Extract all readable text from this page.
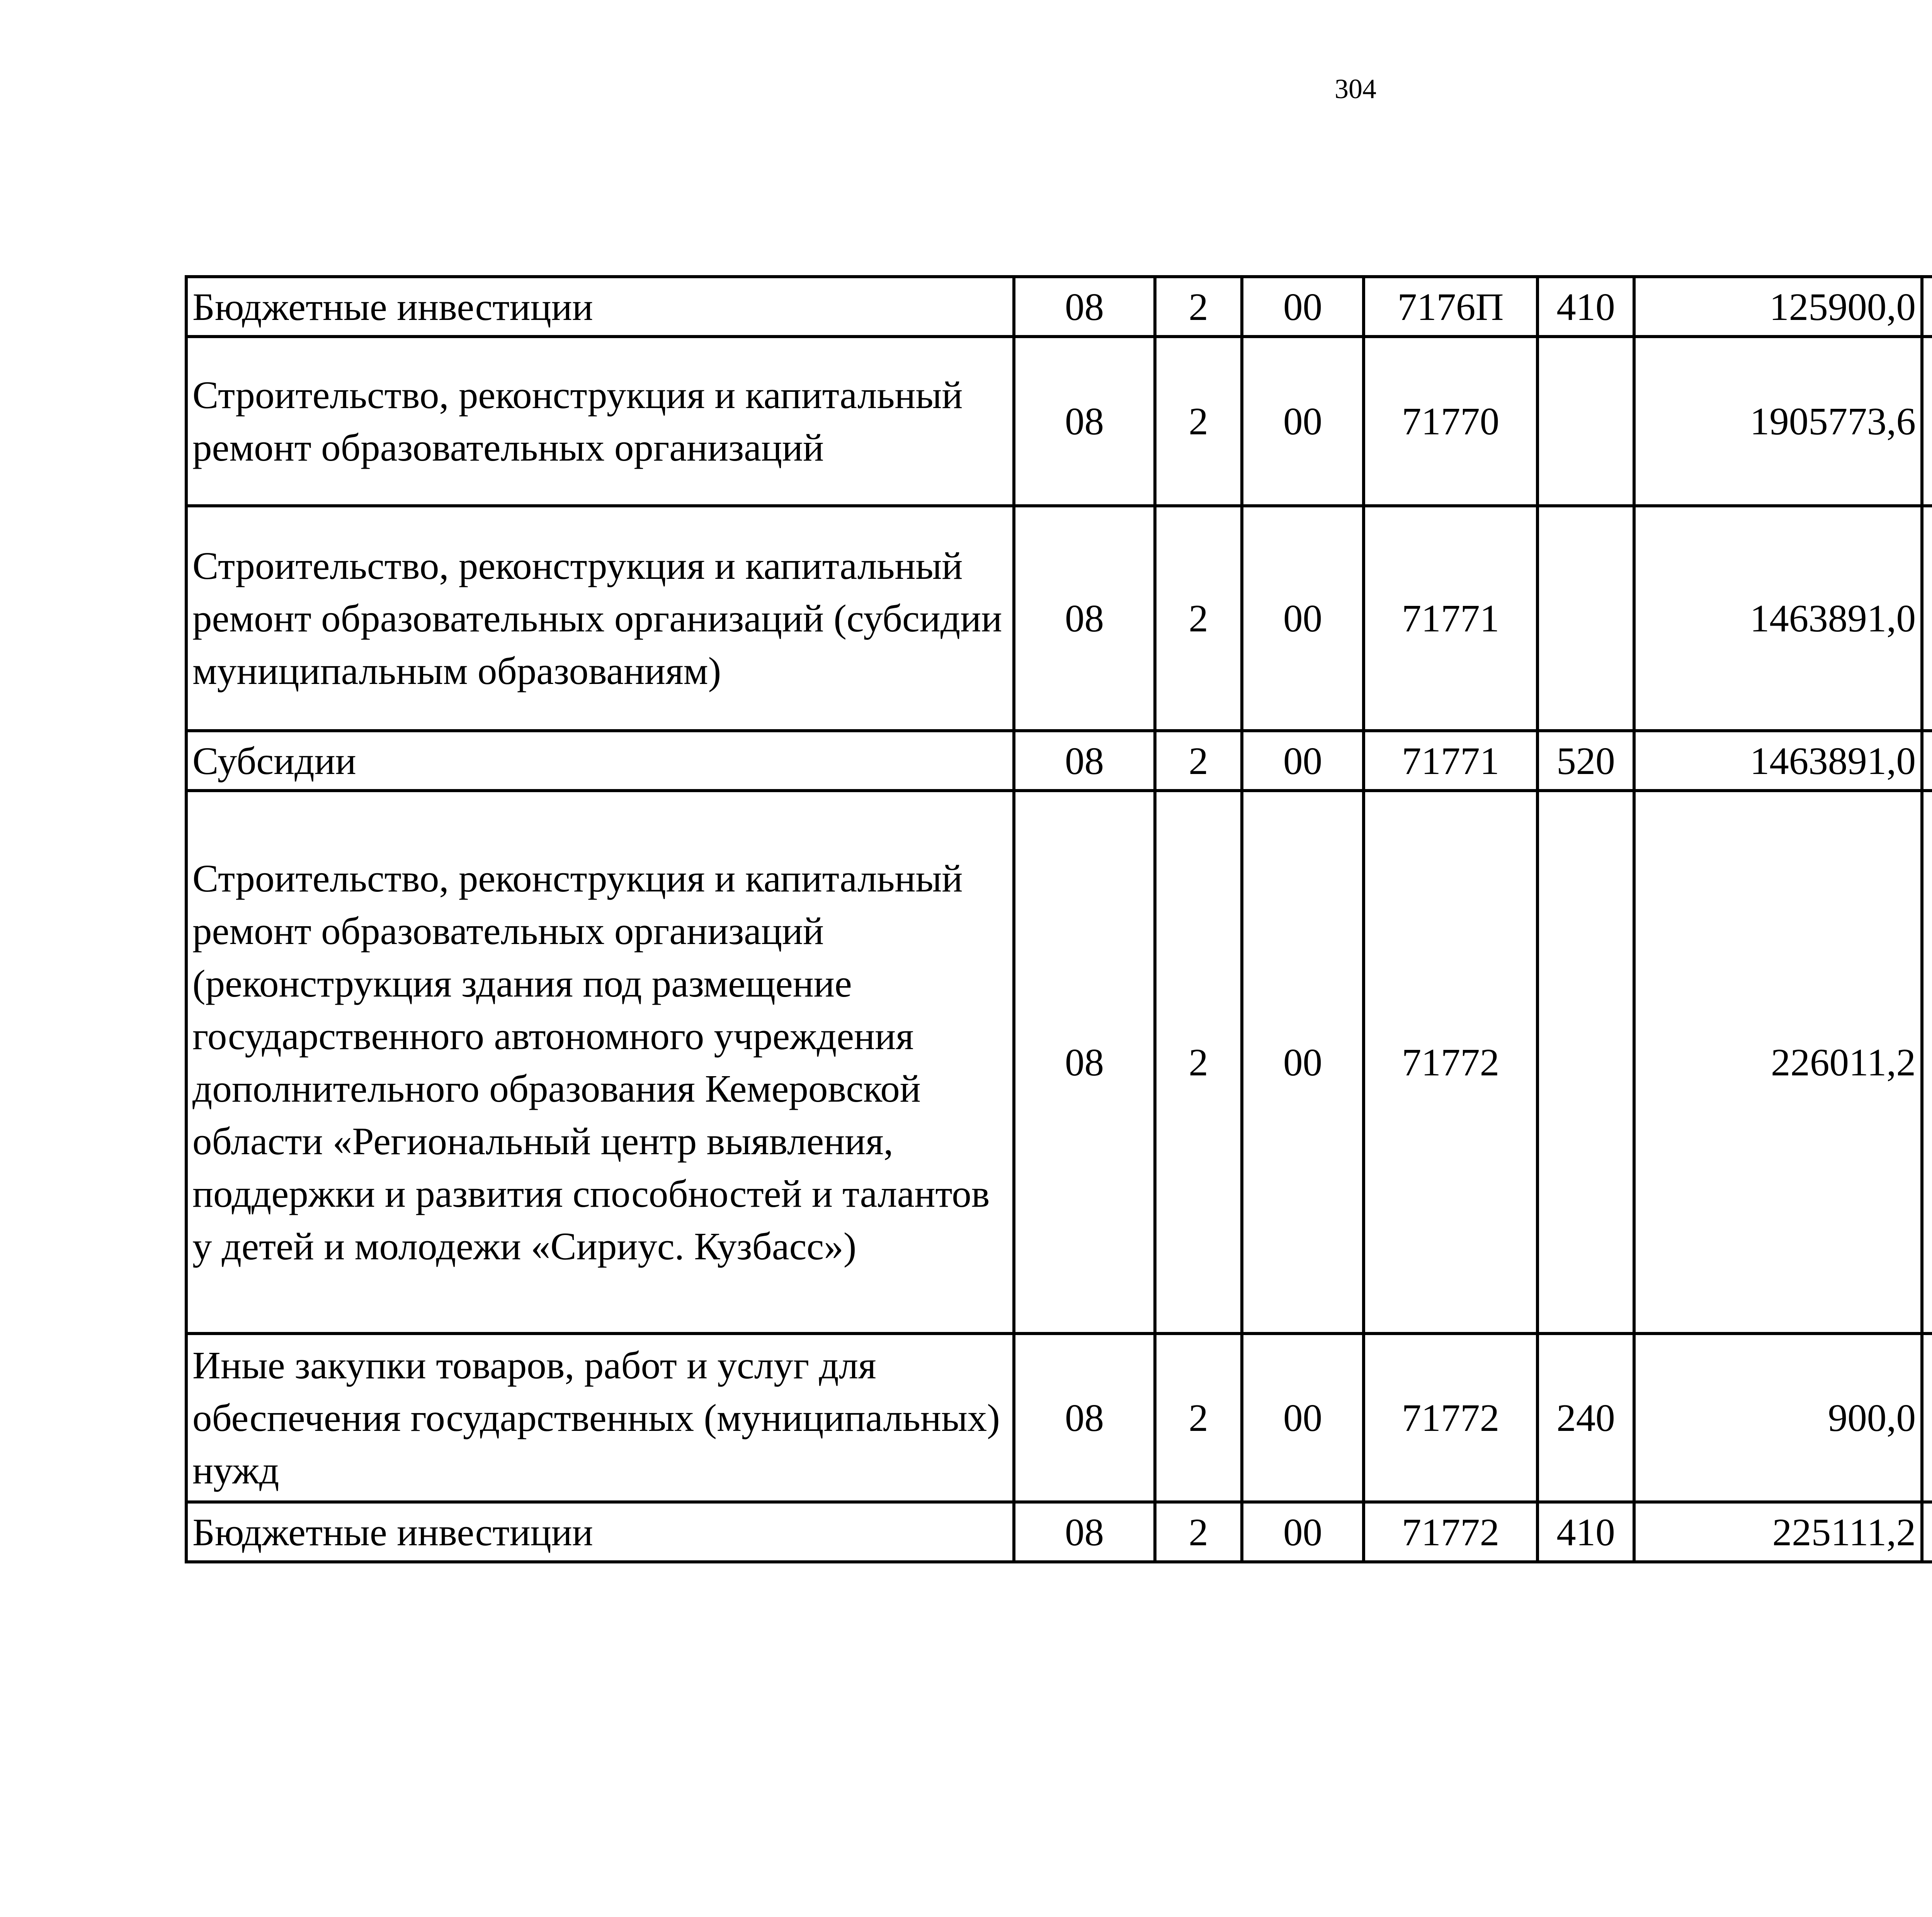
304
Бюджетные инвестиции	08	2	00	7176П	410	125900,0		
Строительство, реконструкция и капитальный ремонт образовательных организаций	08	2	00	71770		1905773,6		
Строительство, реконструкция и капитальный ремонт образовательных организаций (субсидии муниципальным образованиям)	08	2	00	71771		1463891,0		
Субсидии	08	2	00	71771	520	1463891,0		
Строительство, реконструкция и капитальный ремонт образовательных организаций (реконструкция здания под размещение государственного автономного учреждения дополнительного образования Кемеровской области «Региональный центр выявления, поддержки и развития способностей и талантов у детей и молодежи «Сириус. Кузбасс»)	08	2	00	71772		226011,2		
Иные закупки товаров, работ и услуг для обеспечения государственных (муниципальных) нужд	08	2	00	71772	240	900,0		
Бюджетные инвестиции	08	2	00	71772	410	225111,2		
